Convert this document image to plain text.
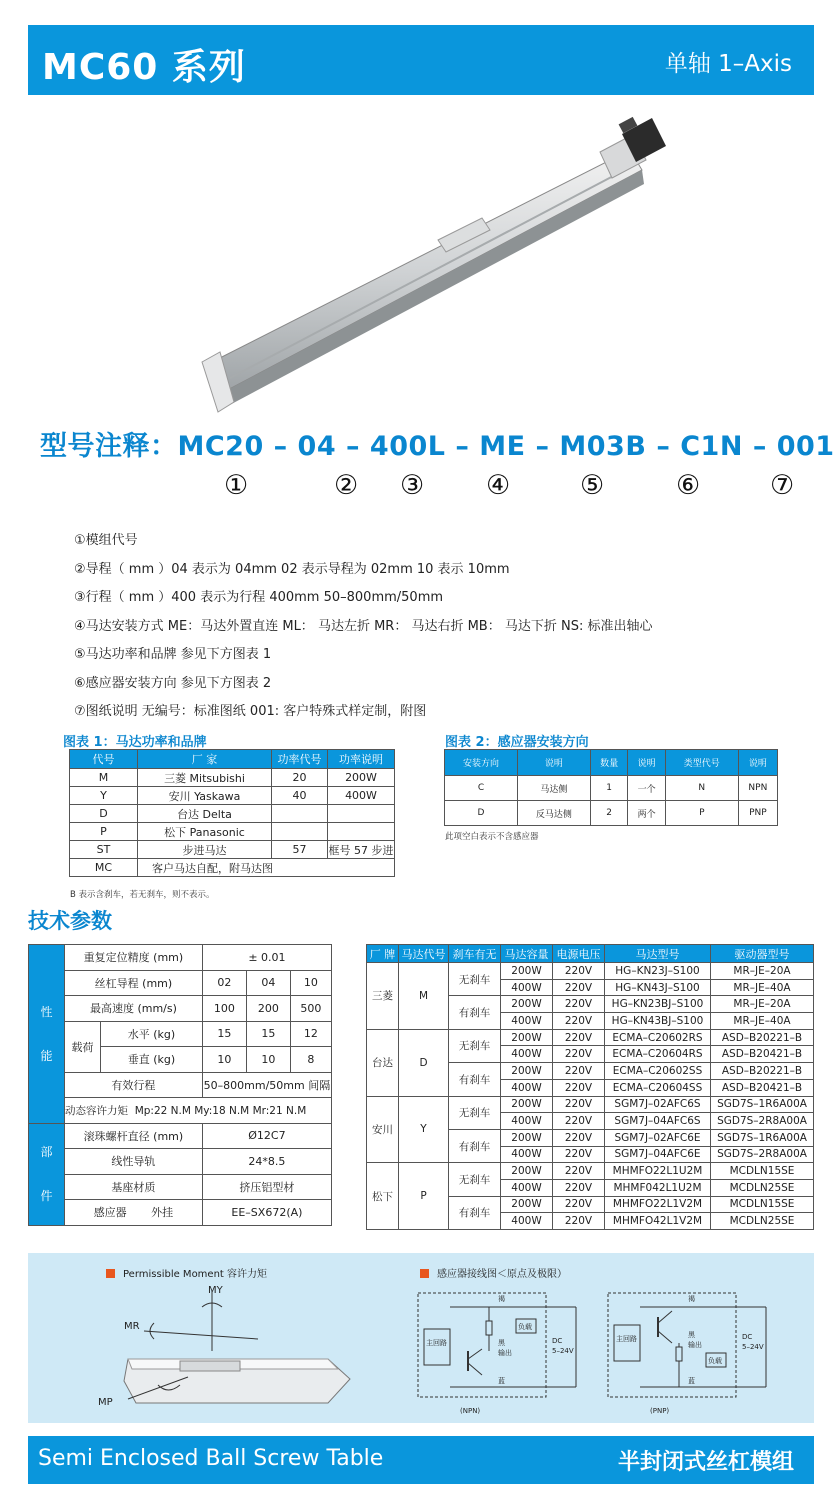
MC60 系列	单轴 1–Axis
型号注释：MC20 – 04 – 400L – ME – M03B – C1N – 001
①	② ③ ④	⑤	⑥	⑦
①模组代号
②导程（ mm ）04 表示为 04mm 02 表示导程为 02mm 10 表示 10mm
③行程（ mm ）400 表示为行程 400mm 50–800mm/50mm
④马达安装方式 ME：马达外置直连 ML： 马达左折 MR： 马达右折 MB： 马达下折 NS: 标准出轴心
⑤马达功率和品牌 参见下方图表 1
⑥感应器安装方向 参见下方图表 2
⑦图纸说明 无编号：标准图纸 001: 客户特殊式样定制，附图
图表 1：马达功率和品牌
代号	厂 家	功率代号	功率说明
M	三菱 Mitsubishi	20	200W
Y	安川 Yaskawa	40	400W
D	台达 Delta		
P	松下 Panasonic		
ST	步进马达	57	框号 57 步进
MC	客户马达自配，附马达图		
B 表示含刹车，若无刹车，则不表示。
图表 2：感应器安装方向
安装方向	说明	数量	说明	类型代号	说明
C	马达侧	1	一个	N	NPN
D	反马达侧	2	两个	P	PNP
此项空白表示不含感应器
技术参数
性

能	重复定位精度 (mm)		± 0.01		
	丝杠导程 (mm)		02	04	10
	最高速度 (mm/s)		100	200	500
	载荷	水平 (kg)	15	15	12
		垂直 (kg)	10	10	8
	有效行程		50–800mm/50mm 间隔		
	动态容许力矩 Mp:22 N.M My:18 N.M Mr:21 N.M				
部

件	滚珠螺杆直径 (mm)		Ø12C7		
	线性导轨		24*8.5		
	基座材质		挤压铝型材		
	感应器       外挂		EE–SX672(A)		
厂 牌	马达代号	刹车有无	马达容量	电源电压	马达型号	驱动器型号
三菱	M	无刹车	200W	220V	HG–KN23J–S100	MR–JE–20A
			400W	220V	HG–KN43J–S100	MR–JE–40A
		有刹车	200W	220V	HG–KN23BJ–S100	MR–JE–20A
			400W	220V	HG–KN43BJ–S100	MR–JE–40A
台达	D	无刹车	200W	220V	ECMA–C20602RS	ASD–B20221–B
			400W	220V	ECMA–C20604RS	ASD–B20421–B
		有刹车	200W	220V	ECMA–C20602SS	ASD–B20221–B
			400W	220V	ECMA–C20604SS	ASD–B20421–B
安川	Y	无刹车	200W	220V	SGM7J–02AFC6S	SGD7S–1R6A00A
			400W	220V	SGM7J–04AFC6S	SGD7S–2R8A00A
		有刹车	200W	220V	SGM7J–02AFC6E	SGD7S–1R6A00A
			400W	220V	SGM7J–04AFC6E	SGD7S–2R8A00A
松下	P	无刹车	200W	220V	MHMFO22L1U2M	MCDLN15SE
			400W	220V	MHMF042L1U2M	MCDLN25SE
		有刹车	200W	220V	MHMFO22L1V2M	MCDLN15SE
			400W	220V	MHMFO42L1V2M	MCDLN25SE
Permissible Moment 容许力矩	感应器接线图＜原点及极限）
MY
MR
MP
主回路
负载
褐
黑
输出
蓝
DC
5–24V
(NPN)
主回路
负载
褐
黑
输出
蓝
DC
5–24V
(PNP)
Semi Enclosed Ball Screw Table	半封闭式丝杠模组
